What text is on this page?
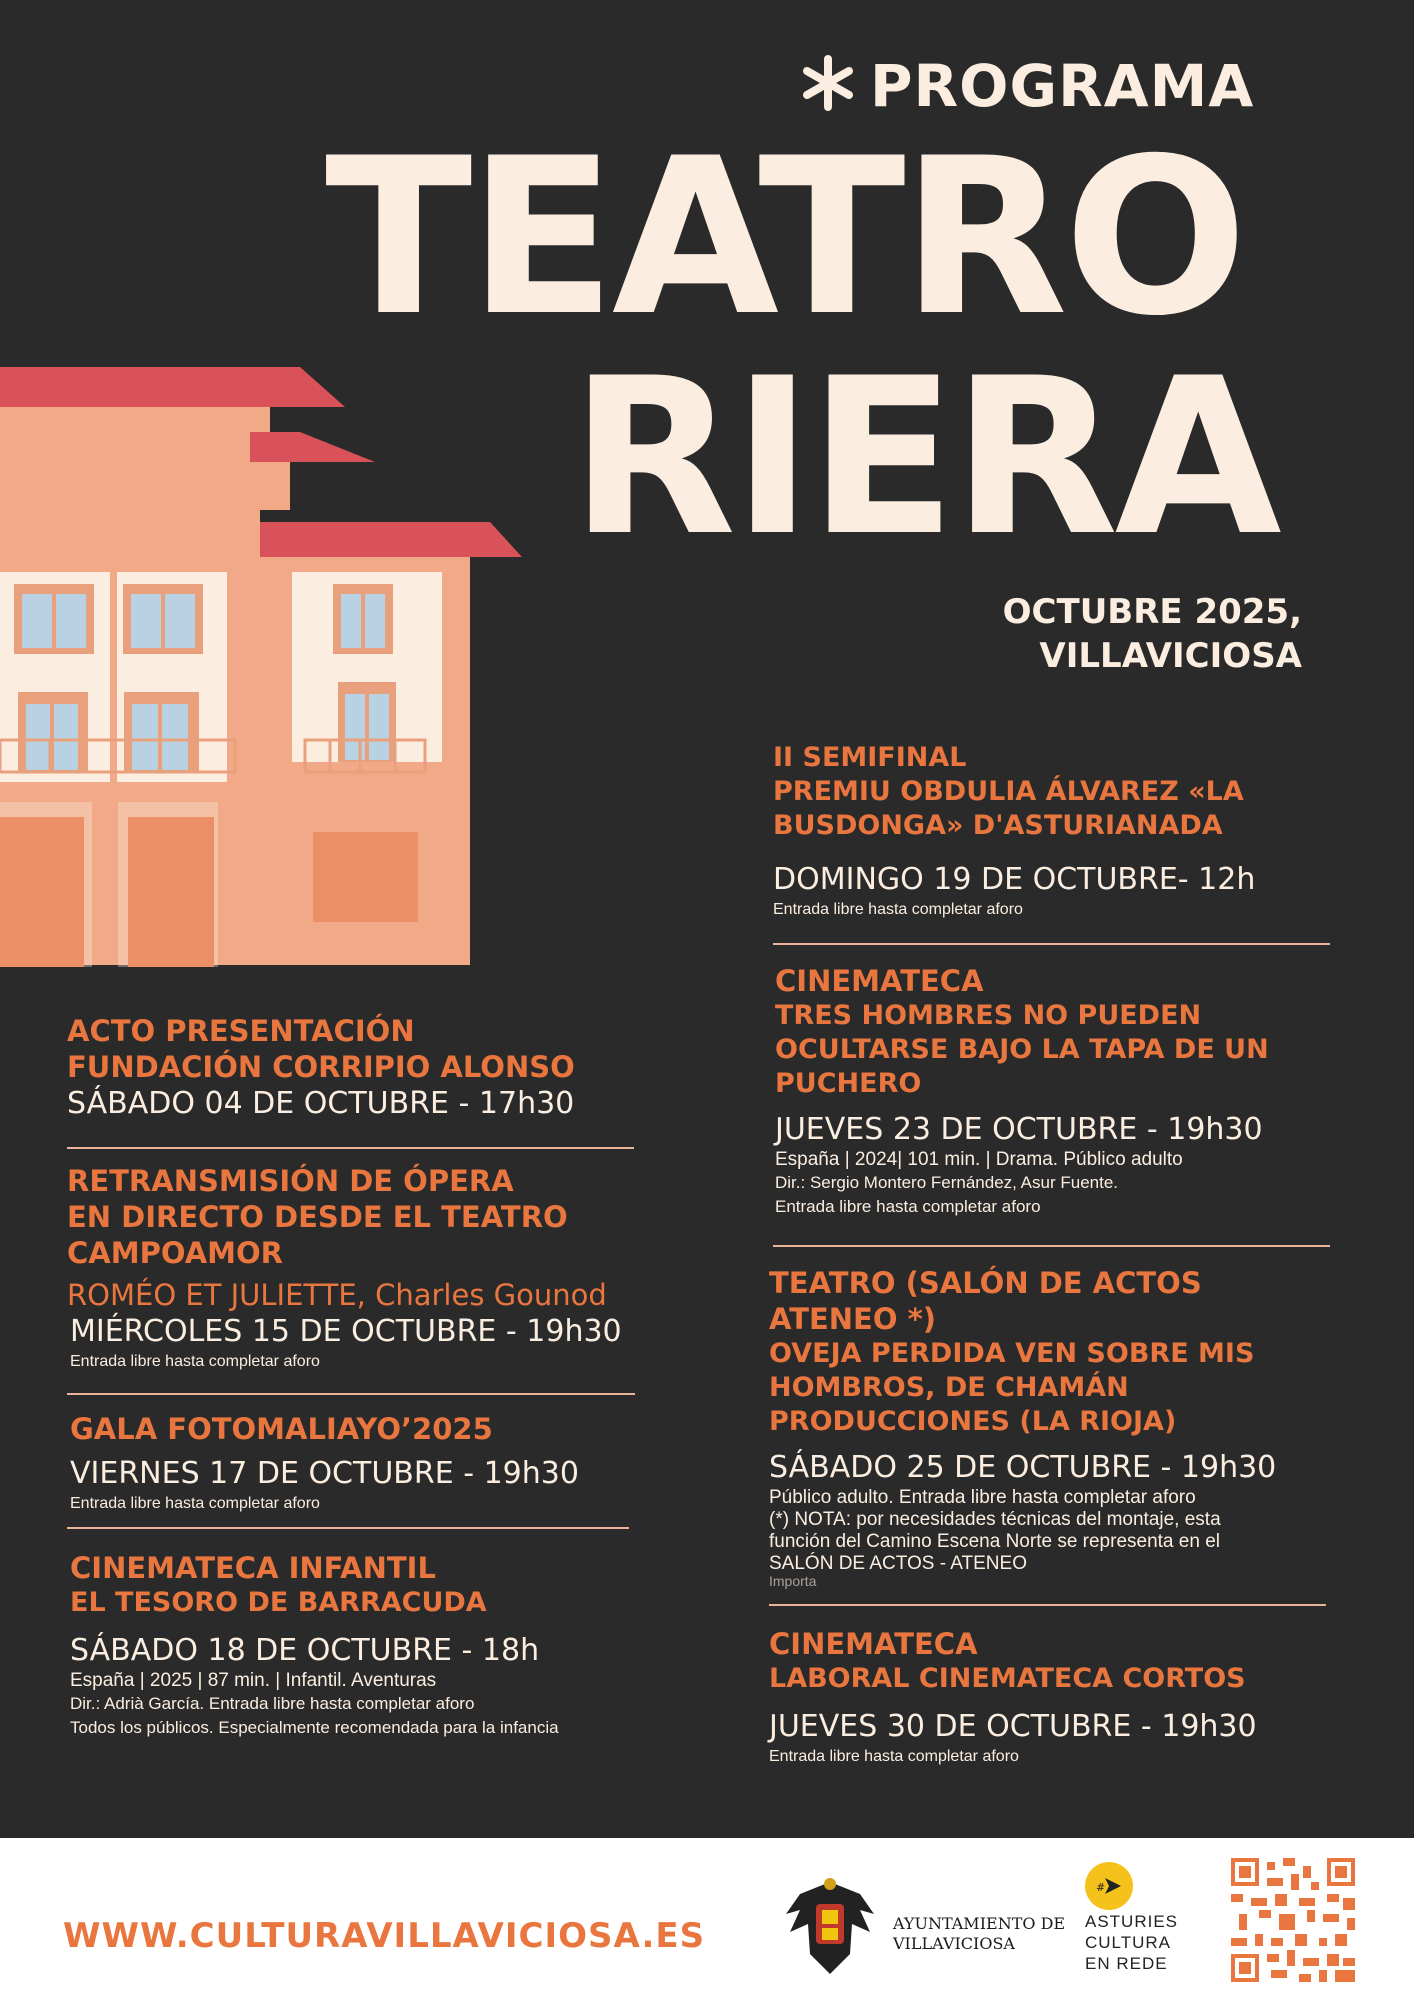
PROGRAMA
TEATRO
RIERA
OCTUBRE 2025,
VILLAVICIOSA
ACTO PRESENTACIÓN
FUNDACIÓN CORRIPIO ALONSO
SÁBADO 04 DE OCTUBRE - 17h30
RETRANSMISIÓN DE ÓPERA
EN DIRECTO DESDE EL TEATRO
CAMPOAMOR
ROMÉO ET JULIETTE, Charles Gounod
MIÉRCOLES 15 DE OCTUBRE - 19h30
Entrada libre hasta completar aforo
GALA FOTOMALIAYO’2025
VIERNES 17 DE OCTUBRE - 19h30
Entrada libre hasta completar aforo
CINEMATECA INFANTIL
EL TESORO DE BARRACUDA
SÁBADO 18 DE OCTUBRE - 18h
España | 2025 | 87 min. | Infantil. Aventuras
Dir.: Adrià García. Entrada libre hasta completar aforo
Todos los públicos. Especialmente recomendada para la infancia
II SEMIFINAL
PREMIU OBDULIA ÁLVAREZ «LA
BUSDONGA» D'ASTURIANADA
DOMINGO 19 DE OCTUBRE- 12h
Entrada libre hasta completar aforo
CINEMATECA
TRES HOMBRES NO PUEDEN
OCULTARSE BAJO LA TAPA DE UN
PUCHERO
JUEVES 23 DE OCTUBRE - 19h30
España | 2024| 101 min. | Drama. Público adulto
Dir.: Sergio Montero Fernández, Asur Fuente.
Entrada libre hasta completar aforo
TEATRO (SALÓN DE ACTOS
ATENEO *)
OVEJA PERDIDA VEN SOBRE MIS
HOMBROS, DE CHAMÁN
PRODUCCIONES (LA RIOJA)
SÁBADO 25 DE OCTUBRE - 19h30
Público adulto. Entrada libre hasta completar aforo
(*) NOTA: por necesidades técnicas del montaje, esta
función del Camino Escena Norte se representa en el
SALÓN DE ACTOS - ATENEO
Importa
CINEMATECA
LABORAL CINEMATECA CORTOS
JUEVES 30 DE OCTUBRE - 19h30
Entrada libre hasta completar aforo
WWW.CULTURAVILLAVICIOSA.ES	AYUNTAMIENTO DE
VILLAVICIOSA
#
ASTURIES
CULTURA
EN REDE
